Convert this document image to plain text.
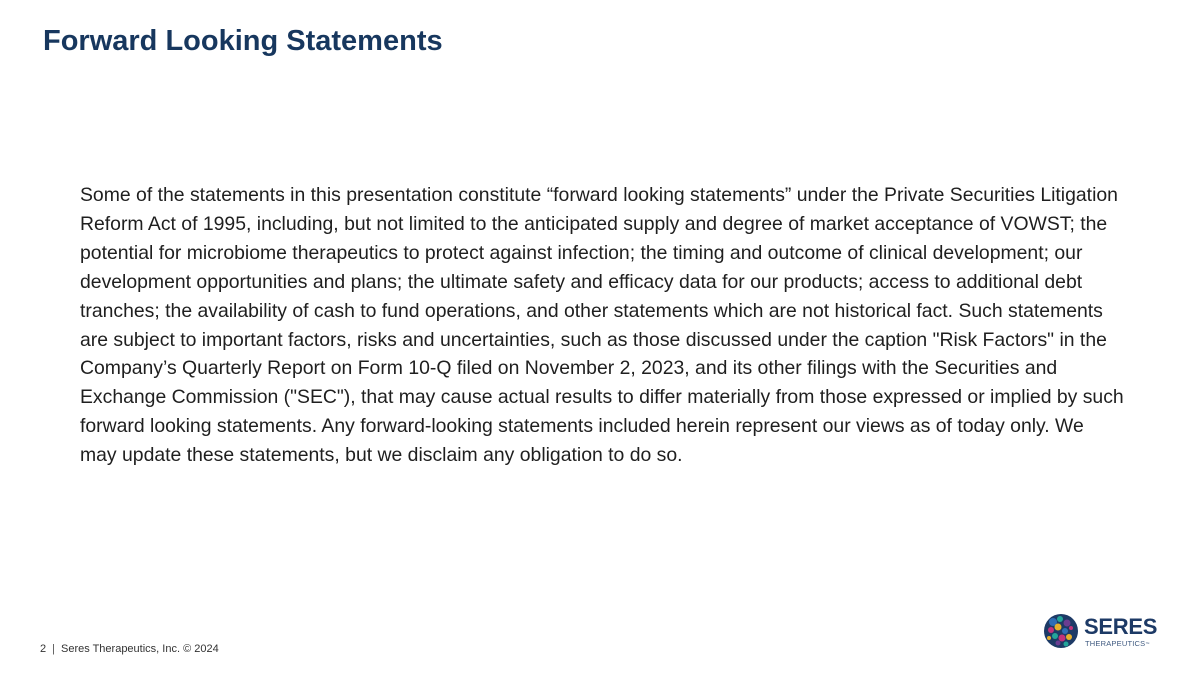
Forward Looking Statements

Some of the statements in this presentation constitute “forward looking statements” under the Private Securities Litigation Reform Act of 1995, including, but not limited to the anticipated supply and degree of market acceptance of VOWST; the potential for microbiome therapeutics to protect against infection; the timing and outcome of clinical development; our development opportunities and plans; the ultimate safety and efficacy data for our products; access to additional debt tranches; the availability of cash to fund operations, and other statements which are not historical fact. Such statements are subject to important factors, risks and uncertainties, such as those discussed under the caption "Risk Factors" in the Company’s Quarterly Report on Form 10-Q filed on November 2, 2023, and its other filings with the Securities and Exchange Commission ("SEC"), that may cause actual results to differ materially from those expressed or implied by such forward looking statements. Any forward-looking statements included herein represent our views as of today only. We may update these statements, but we disclaim any obligation to do so.

2 | Seres Therapeutics, Inc. © 2024
SERES
THERAPEUTICS™
